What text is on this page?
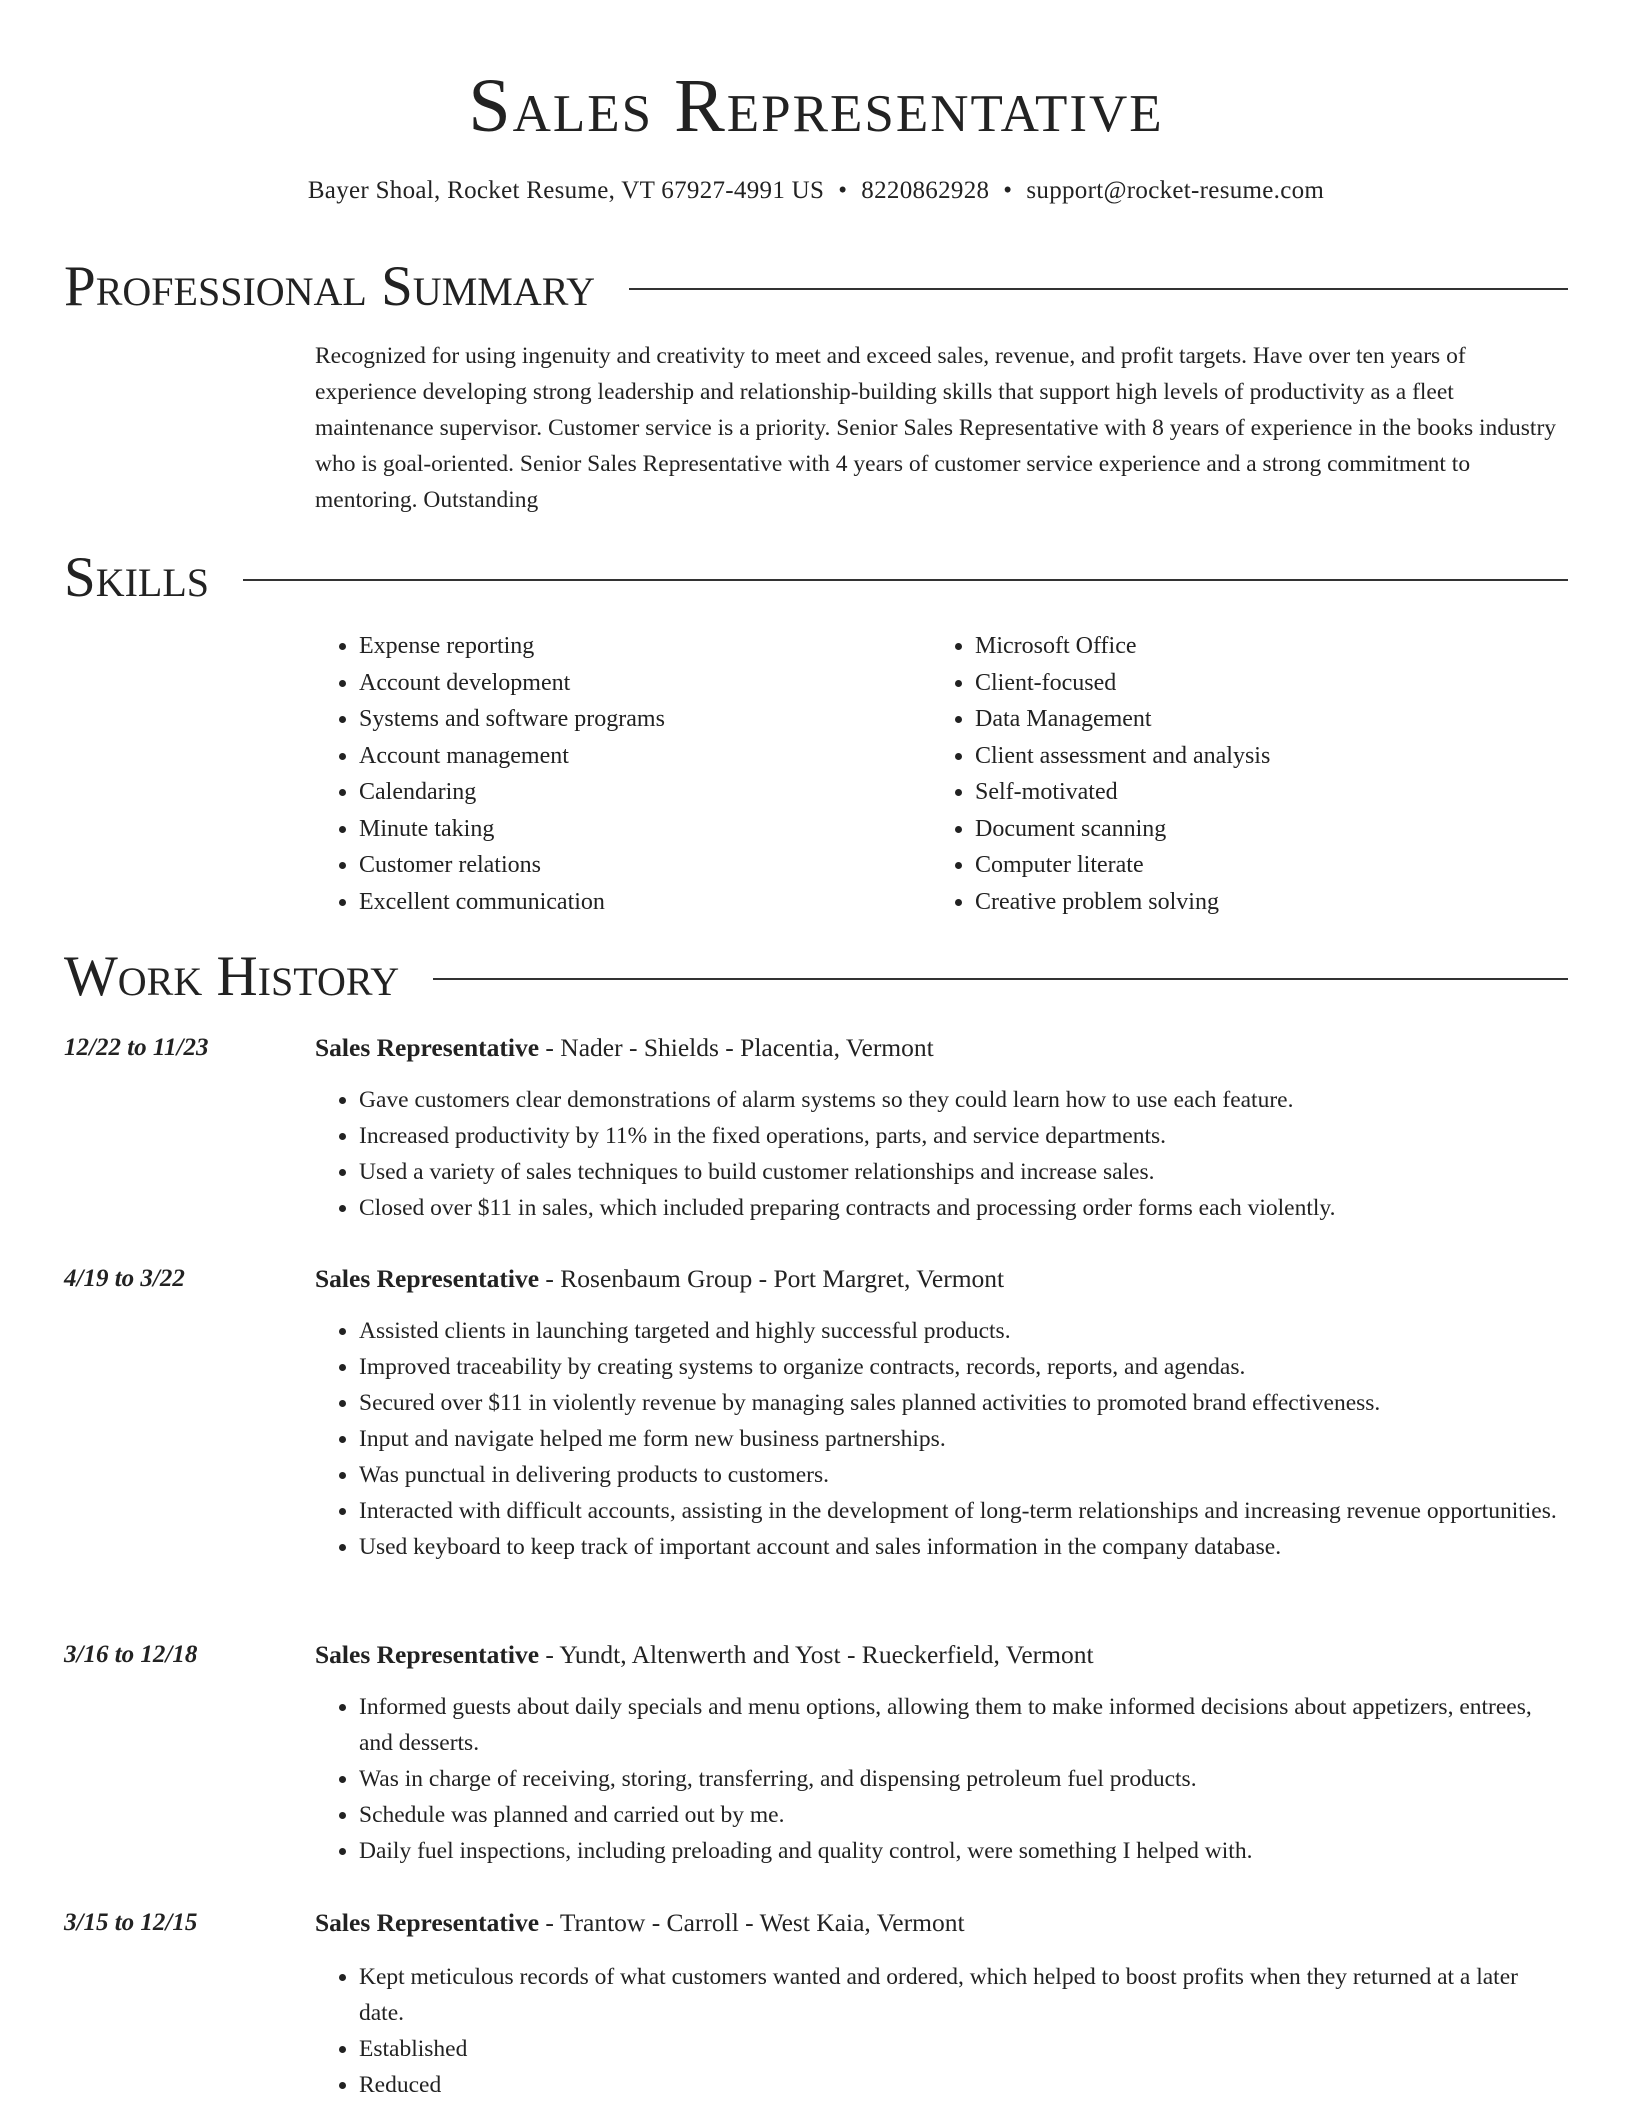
Sales Representative
Bayer Shoal, Rocket Resume, VT 67927-4991 US • 8220862928 • support@rocket-resume.com
Professional Summary
Recognized for using ingenuity and creativity to meet and exceed sales, revenue, and profit targets. Have over ten years of experience developing strong leadership and relationship-building skills that support high levels of productivity as a fleet maintenance supervisor. Customer service is a priority. Senior Sales Representative with 8 years of experience in the books industry who is goal-oriented. Senior Sales Representative with 4 years of customer service experience and a strong commitment to mentoring. Outstanding
Skills
• Expense reporting
• Account development
• Systems and software programs
• Account management
• Calendaring
• Minute taking
• Customer relations
• Excellent communication
• Microsoft Office
• Client-focused
• Data Management
• Client assessment and analysis
• Self-motivated
• Document scanning
• Computer literate
• Creative problem solving
Work History
12/22 to 11/23	Sales Representative - Nader - Shields - Placentia, Vermont
• Gave customers clear demonstrations of alarm systems so they could learn how to use each feature.
• Increased productivity by 11% in the fixed operations, parts, and service departments.
• Used a variety of sales techniques to build customer relationships and increase sales.
• Closed over $11 in sales, which included preparing contracts and processing order forms each violently.
4/19 to 3/22	Sales Representative - Rosenbaum Group - Port Margret, Vermont
• Assisted clients in launching targeted and highly successful products.
• Improved traceability by creating systems to organize contracts, records, reports, and agendas.
• Secured over $11 in violently revenue by managing sales planned activities to promoted brand effectiveness.
• Input and navigate helped me form new business partnerships.
• Was punctual in delivering products to customers.
• Interacted with difficult accounts, assisting in the development of long-term relationships and increasing revenue opportunities.
• Used keyboard to keep track of important account and sales information in the company database.
3/16 to 12/18	Sales Representative - Yundt, Altenwerth and Yost - Rueckerfield, Vermont
• Informed guests about daily specials and menu options, allowing them to make informed decisions about appetizers, entrees, and desserts.
• Was in charge of receiving, storing, transferring, and dispensing petroleum fuel products.
• Schedule was planned and carried out by me.
• Daily fuel inspections, including preloading and quality control, were something I helped with.
3/15 to 12/15	Sales Representative - Trantow - Carroll - West Kaia, Vermont
• Kept meticulous records of what customers wanted and ordered, which helped to boost profits when they returned at a later date.
• Established
• Reduced
